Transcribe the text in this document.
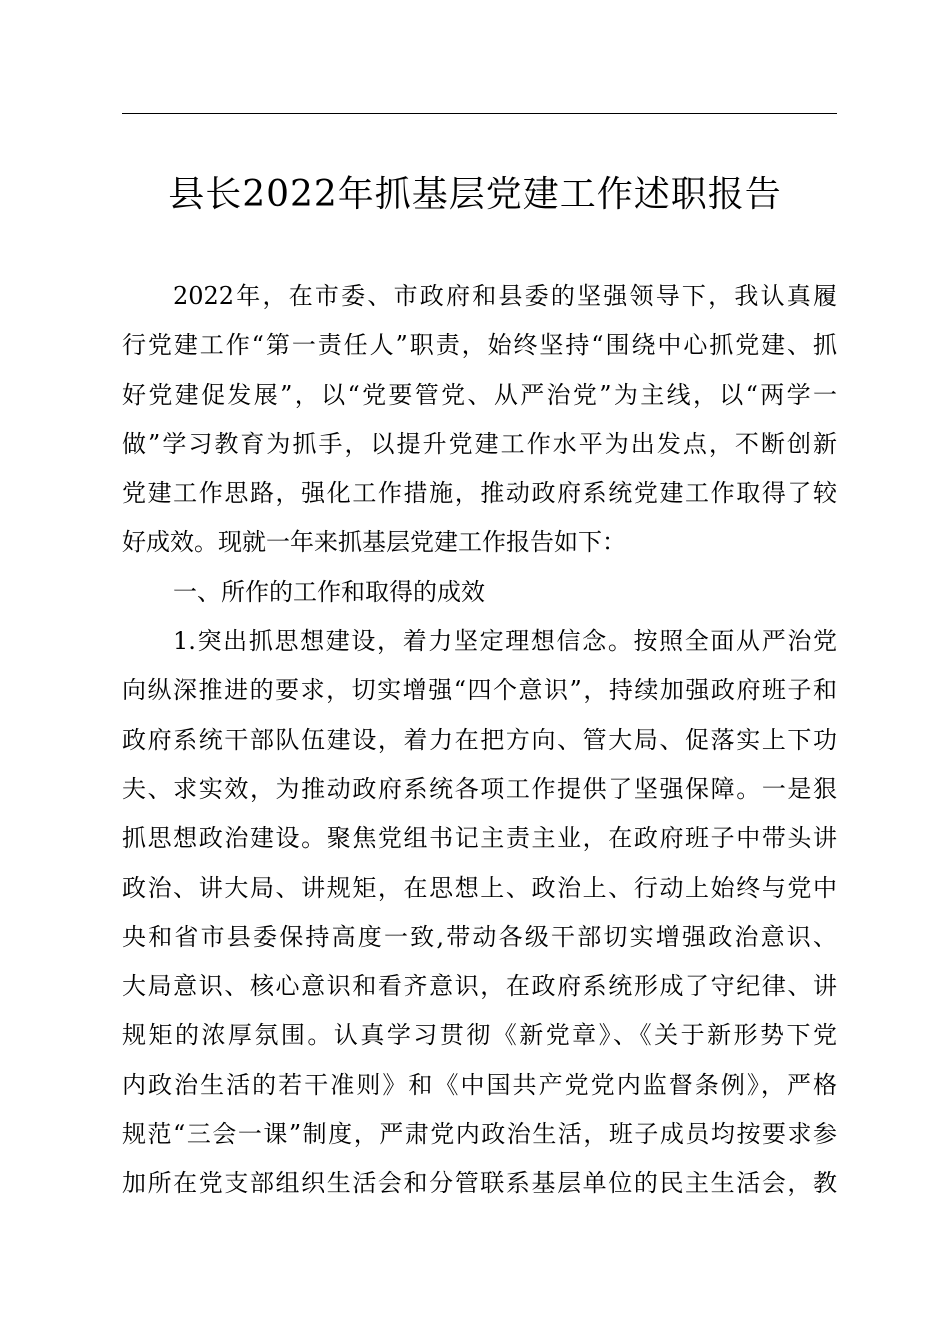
县长2022年抓基层党建工作述职报告
2022年，在市委、市政府和县委的坚强领导下，我认真履
行党建工作“第一责任人”职责，始终坚持“围绕中心抓党建、抓
好党建促发展”，以“党要管党、从严治党”为主线，以“两学一
做”学习教育为抓手，以提升党建工作水平为出发点，不断创新
党建工作思路，强化工作措施，推动政府系统党建工作取得了较
好成效。现就一年来抓基层党建工作报告如下：
一、所作的工作和取得的成效
1.突出抓思想建设，着力坚定理想信念。按照全面从严治党
向纵深推进的要求，切实增强“四个意识”，持续加强政府班子和
政府系统干部队伍建设，着力在把方向、管大局、促落实上下功
夫、求实效，为推动政府系统各项工作提供了坚强保障。一是狠
抓思想政治建设。聚焦党组书记主责主业，在政府班子中带头讲
政治、讲大局、讲规矩，在思想上、政治上、行动上始终与党中
央和省市县委保持高度一致,带动各级干部切实增强政治意识、
大局意识、核心意识和看齐意识，在政府系统形成了守纪律、讲
规矩的浓厚氛围。认真学习贯彻《新党章》、《关于新形势下党
内政治生活的若干准则》和《中国共产党党内监督条例》，严格
规范“三会一课”制度，严肃党内政治生活，班子成员均按要求参
加所在党支部组织生活会和分管联系基层单位的民主生活会，教
